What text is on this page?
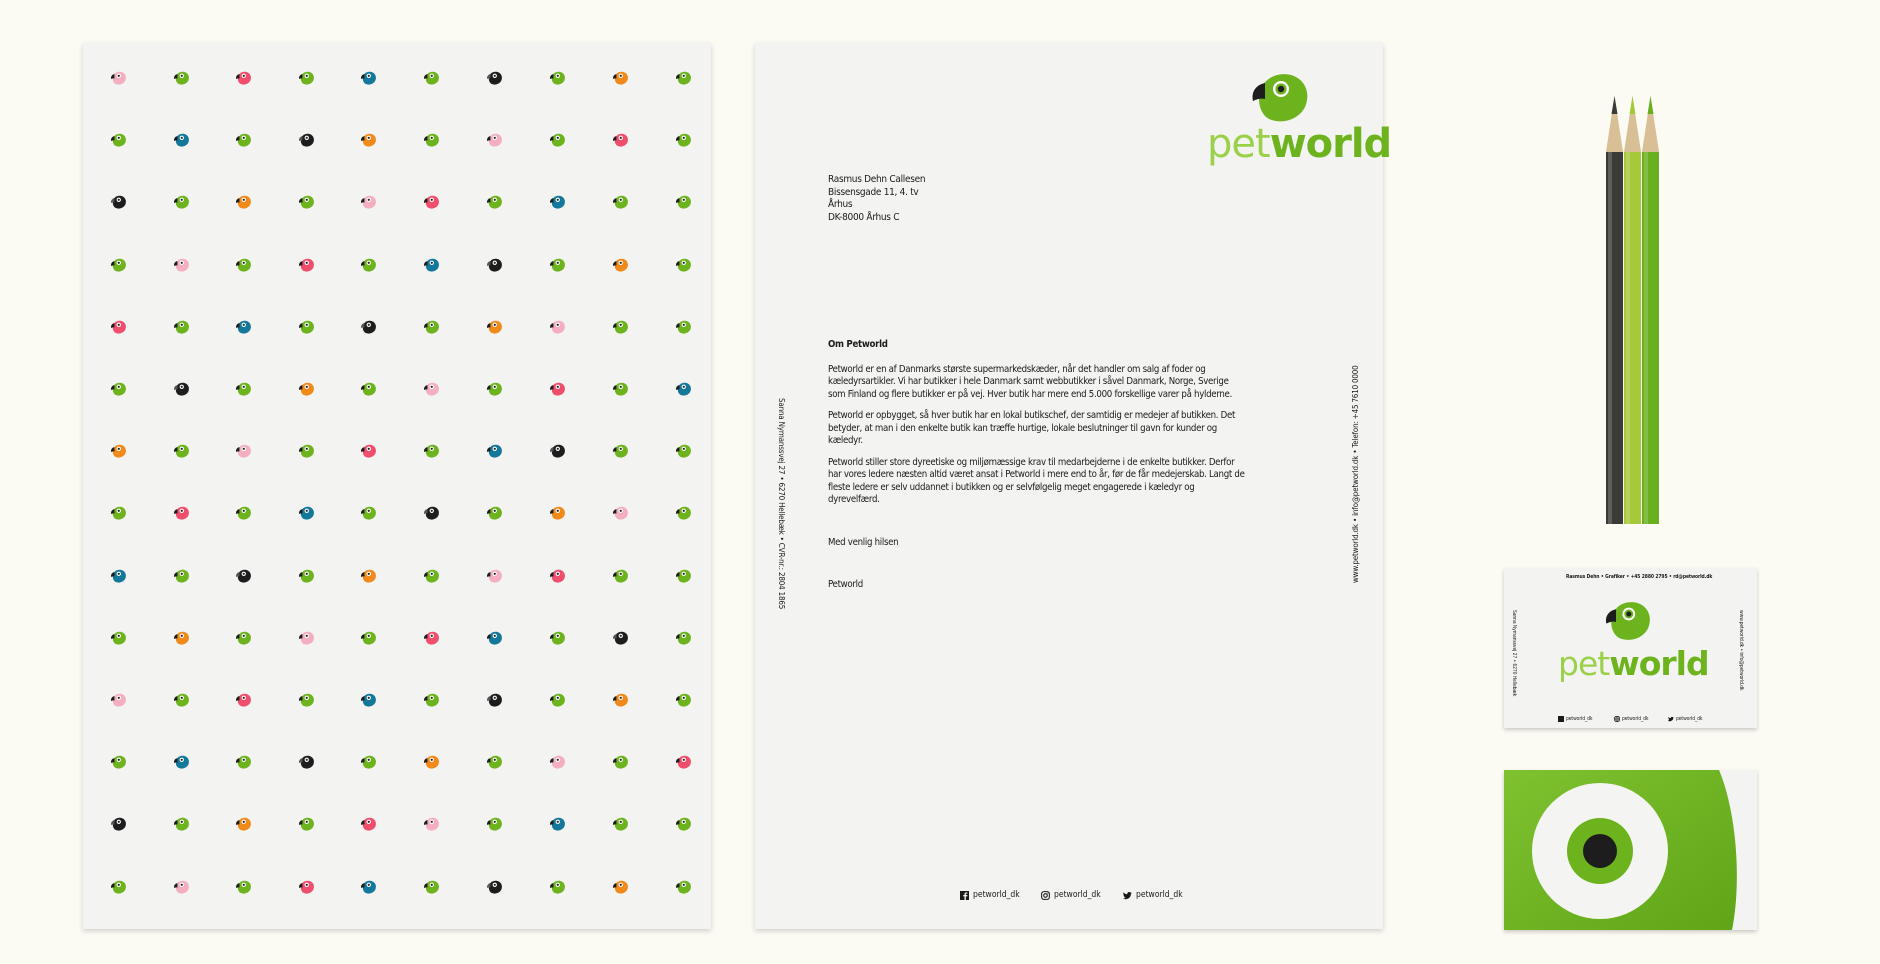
petworld
Rasmus Dehn Callesen
Bissensgade 11, 4. tv
Århus
DK-8000 Århus C

Om Petworld

Petworld er en af Danmarks største supermarkedskæder, når det handler om salg af foder og kæledyrsartikler. Vi har butikker i hele Danmark samt webbutikker i såvel Danmark, Norge, Sverige som Finland og flere butikker er på vej. Hver butik har mere end 5.000 forskellige varer på hylderne.

Petworld er opbygget, så hver butik har en lokal butikschef, der samtidig er medejer af butikken. Det betyder, at man i den enkelte butik kan træffe hurtige, lokale beslutninger til gavn for kunder og kæledyr.

Petworld stiller store dyreetiske og miljømæssige krav til medarbejderne i de enkelte butikker. Derfor har vores ledere næsten altid været ansat i Petworld i mere end to år, før de får medejerskab. Langt de fleste ledere er selv uddannet i butikken og er selvfølgelig meget engagerede i kæledyr og dyrevelfærd.

Med venlig hilsen

Petworld

Sanna Nymanssvej 27 • 6270 Hellebæk • CVR-nr.: 2804 1865	www.petworld.dk • info@petworld.dk • Telefon: +45 7610 0000
petworld_dk	petworld_dk	petworld_dk
Rasmus Dehn • Grafiker • +45 2880 2795 • rd@petworld.dk
Sanna Nymanssvej 27 • 6270 Hellebæk	www.petworld.dk • info@petworld.dk
petworld
petworld_dk	petworld_dk	petworld_dk
